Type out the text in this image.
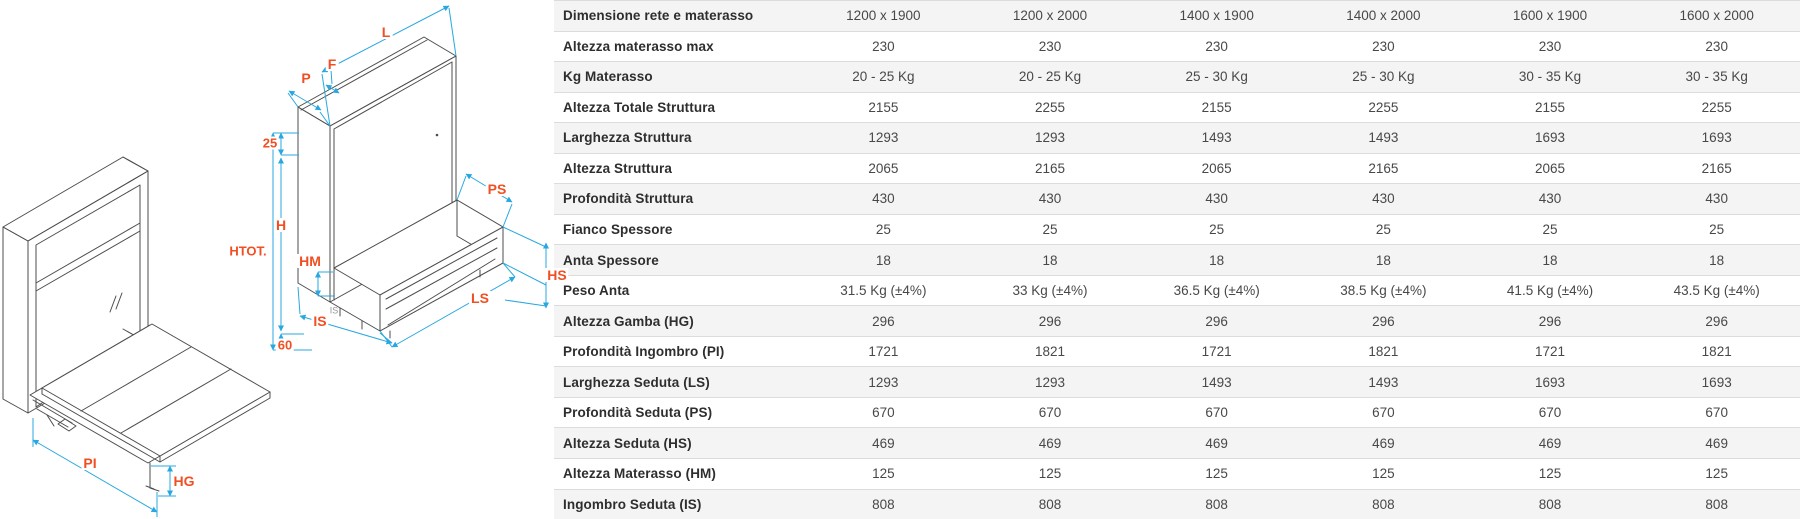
L
P
F
25
H
HTOT.
HM
IS
IS
60
LS
PS
HS
PI
HG
Dimensione rete e materasso	1200 x 1900	1200 x 2000	1400 x 1900	1400 x 2000	1600 x 1900	1600 x 2000
Altezza materasso max	230	230	230	230	230	230
Kg Materasso	20 - 25 Kg	20 - 25 Kg	25 - 30 Kg	25 - 30 Kg	30 - 35 Kg	30 - 35 Kg
Altezza Totale Struttura	2155	2255	2155	2255	2155	2255
Larghezza Struttura	1293	1293	1493	1493	1693	1693
Altezza Struttura	2065	2165	2065	2165	2065	2165
Profondità Struttura	430	430	430	430	430	430
Fianco Spessore	25	25	25	25	25	25
Anta Spessore	18	18	18	18	18	18
Peso Anta	31.5 Kg (±4%)	33 Kg (±4%)	36.5 Kg (±4%)	38.5 Kg (±4%)	41.5 Kg (±4%)	43.5 Kg (±4%)
Altezza Gamba (HG)	296	296	296	296	296	296
Profondità Ingombro (PI)	1721	1821	1721	1821	1721	1821
Larghezza Seduta (LS)	1293	1293	1493	1493	1693	1693
Profondità Seduta (PS)	670	670	670	670	670	670
Altezza Seduta (HS)	469	469	469	469	469	469
Altezza Materasso (HM)	125	125	125	125	125	125
Ingombro Seduta (IS)	808	808	808	808	808	808
